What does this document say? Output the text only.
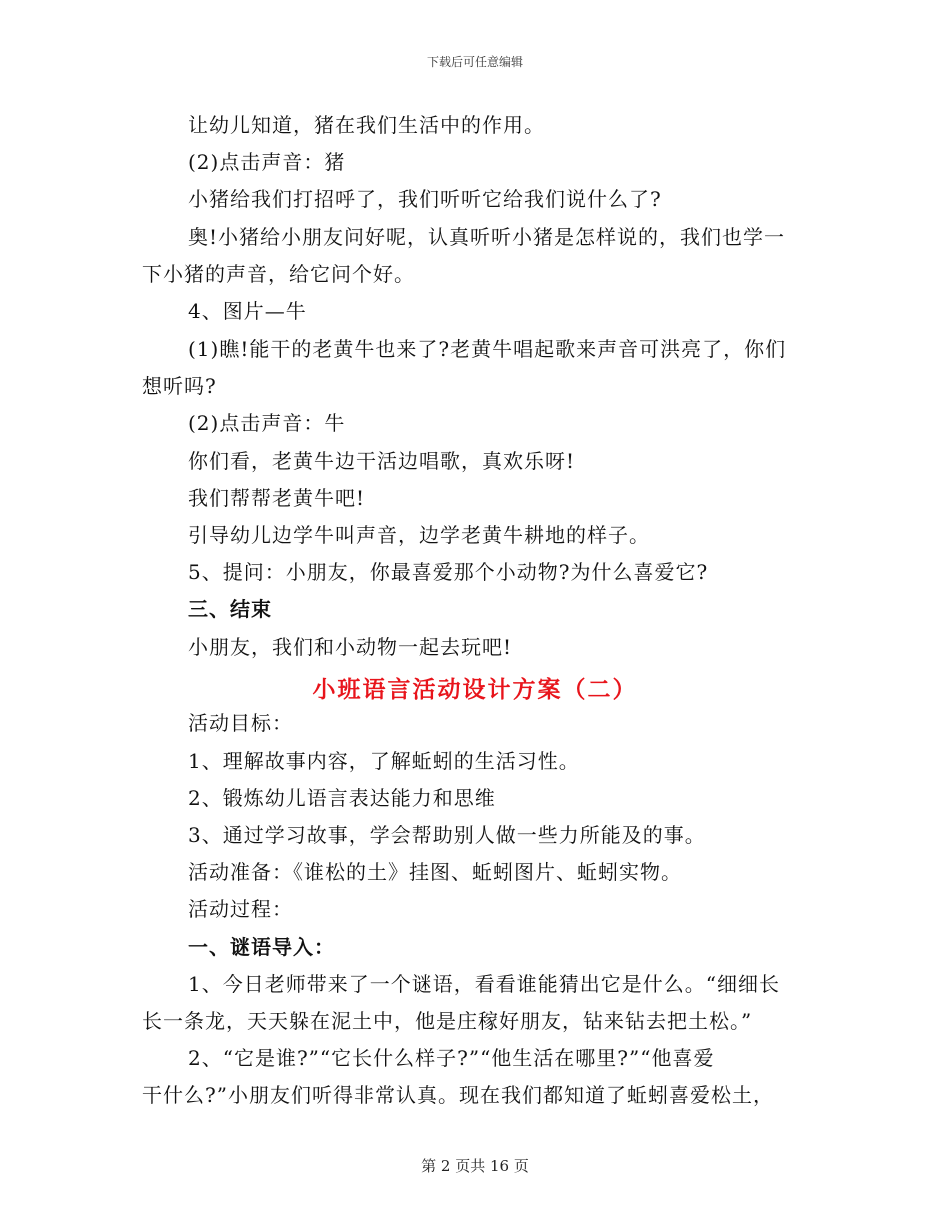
下载后可任意编辑
让幼儿知道，猪在我们生活中的作用。
(2)点击声音：猪
小猪给我们打招呼了，我们听听它给我们说什么了?
奥!小猪给小朋友问好呢，认真听听小猪是怎样说的，我们也学一
下小猪的声音，给它问个好。
4、图片—牛
(1)瞧!能干的老黄牛也来了?老黄牛唱起歌来声音可洪亮了，你们
想听吗?
(2)点击声音：牛
你们看，老黄牛边干活边唱歌，真欢乐呀!
我们帮帮老黄牛吧!
引导幼儿边学牛叫声音，边学老黄牛耕地的样子。
5、提问：小朋友，你最喜爱那个小动物?为什么喜爱它?
三、结束
小朋友，我们和小动物一起去玩吧!
小班语言活动设计方案（二）
活动目标：
1、理解故事内容，了解蚯蚓的生活习性。
2、锻炼幼儿语言表达能力和思维
3、通过学习故事，学会帮助别人做一些力所能及的事。
活动准备：《谁松的土》挂图、蚯蚓图片、蚯蚓实物。
活动过程：
一、谜语导入：
1、今日老师带来了一个谜语，看看谁能猜出它是什么。“细细长
长一条龙，天天躲在泥土中，他是庄稼好朋友，钻来钻去把土松。”
2、“它是谁?”“它长什么样子?”“他生活在哪里?”“他喜爱
干什么?”小朋友们听得非常认真。现在我们都知道了蚯蚓喜爱松土，
第 2 页共 16 页
